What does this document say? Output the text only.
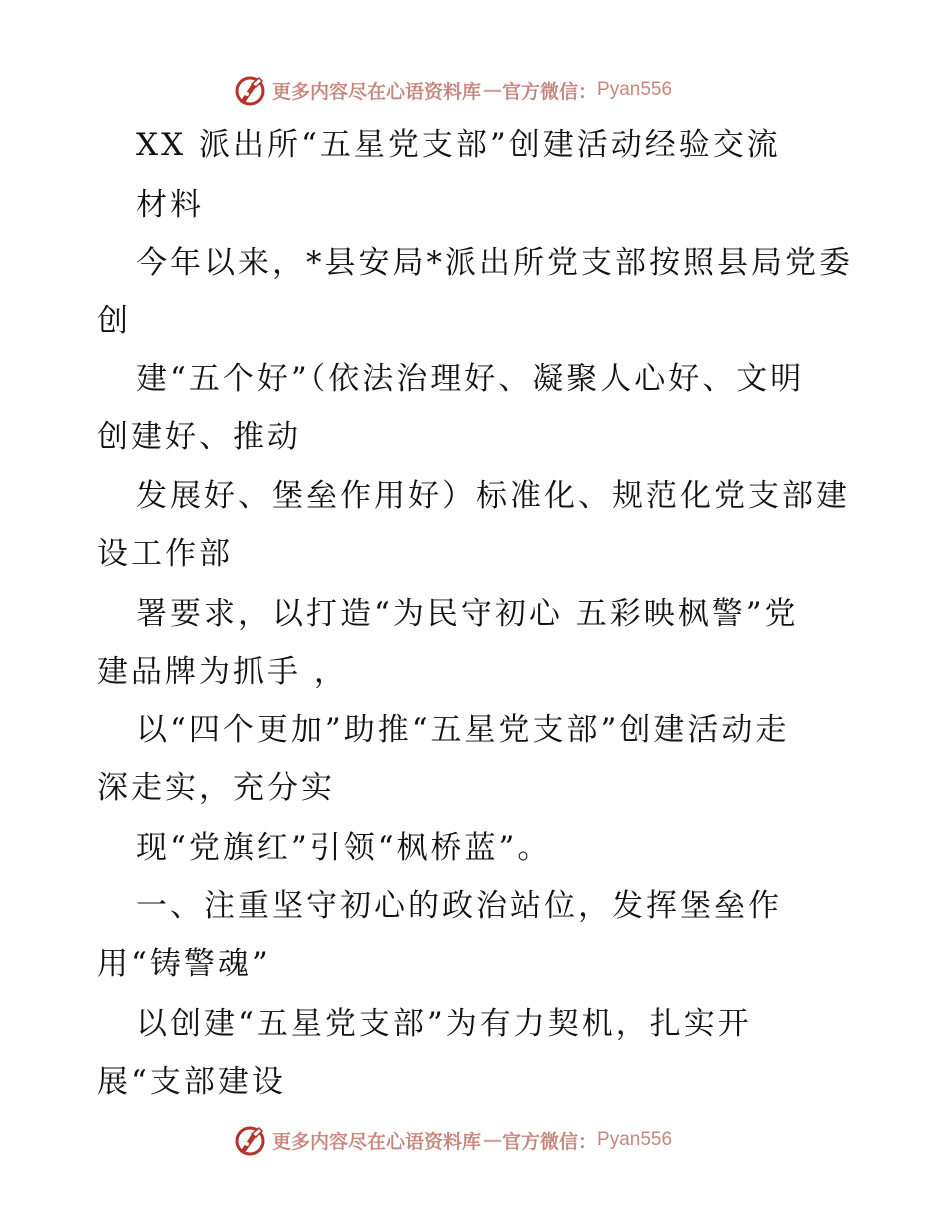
更多内容尽在心语资料库 — 官方微信： Pyan556
XX 派出所“五星党支部”创建活动经验交流
材料
今年以来，*县安局*派出所党支部按照县局党委
创
建“五个好”（依法治理好、凝聚人心好、文明
创建好、推动
发展好、堡垒作用好）标准化、规范化党支部建
设工作部
署要求，以打造“为民守初心 五彩映枫警”党
建品牌为抓手 ，
以“四个更加”助推“五星党支部”创建活动走
深走实，充分实
现“党旗红”引领“枫桥蓝”。
一、注重坚守初心的政治站位，发挥堡垒作
用“铸警魂”
以创建“五星党支部”为有力契机，扎实开
展“支部建设
更多内容尽在心语资料库 — 官方微信： Pyan556
